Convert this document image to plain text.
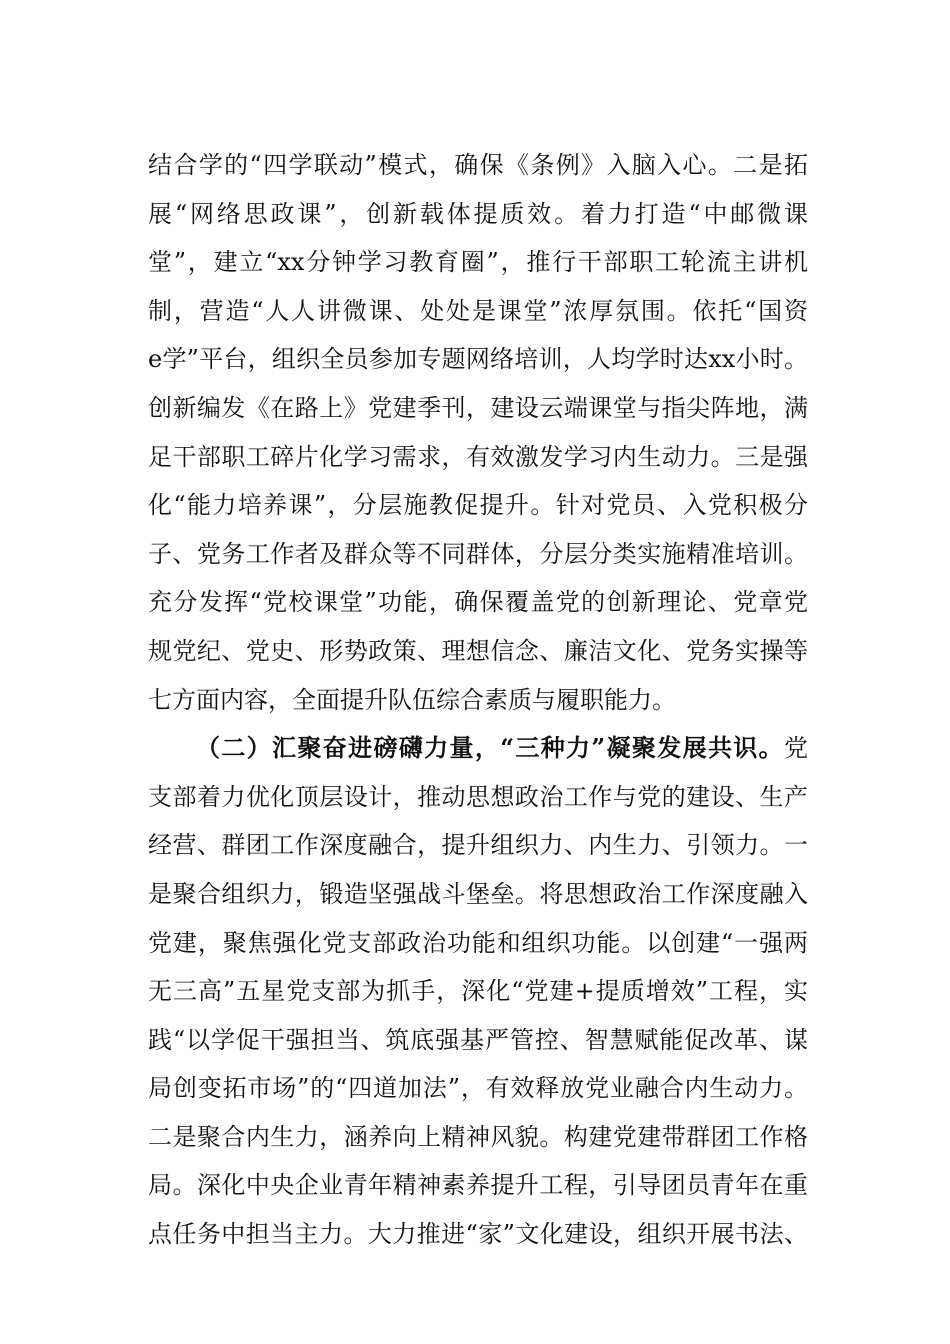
结合学的“四学联动”模式，确保《条例》入脑入心。二是拓
展“网络思政课”，创新载体提质效。着力打造“中邮微课
堂”，建立“xx分钟学习教育圈”，推行干部职工轮流主讲机
制，营造“人人讲微课、处处是课堂”浓厚氛围。依托“国资
e学”平台，组织全员参加专题网络培训，人均学时达xx小时。
创新编发《在路上》党建季刊，建设云端课堂与指尖阵地，满
足干部职工碎片化学习需求，有效激发学习内生动力。三是强
化“能力培养课”，分层施教促提升。针对党员、入党积极分
子、党务工作者及群众等不同群体，分层分类实施精准培训。
充分发挥“党校课堂”功能，确保覆盖党的创新理论、党章党
规党纪、党史、形势政策、理想信念、廉洁文化、党务实操等
七方面内容，全面提升队伍综合素质与履职能力。
（二）汇聚奋进磅礴力量，“三种力”凝聚发展共识。党
支部着力优化顶层设计，推动思想政治工作与党的建设、生产
经营、群团工作深度融合，提升组织力、内生力、引领力。一
是聚合组织力，锻造坚强战斗堡垒。将思想政治工作深度融入
党建，聚焦强化党支部政治功能和组织功能。以创建“一强两
无三高”五星党支部为抓手，深化“党建+提质增效”工程，实
践“以学促干强担当、筑底强基严管控、智慧赋能促改革、谋
局创变拓市场”的“四道加法”，有效释放党业融合内生动力。
二是聚合内生力，涵养向上精神风貌。构建党建带群团工作格
局。深化中央企业青年精神素养提升工程，引导团员青年在重
点任务中担当主力。大力推进“家”文化建设，组织开展书法、
